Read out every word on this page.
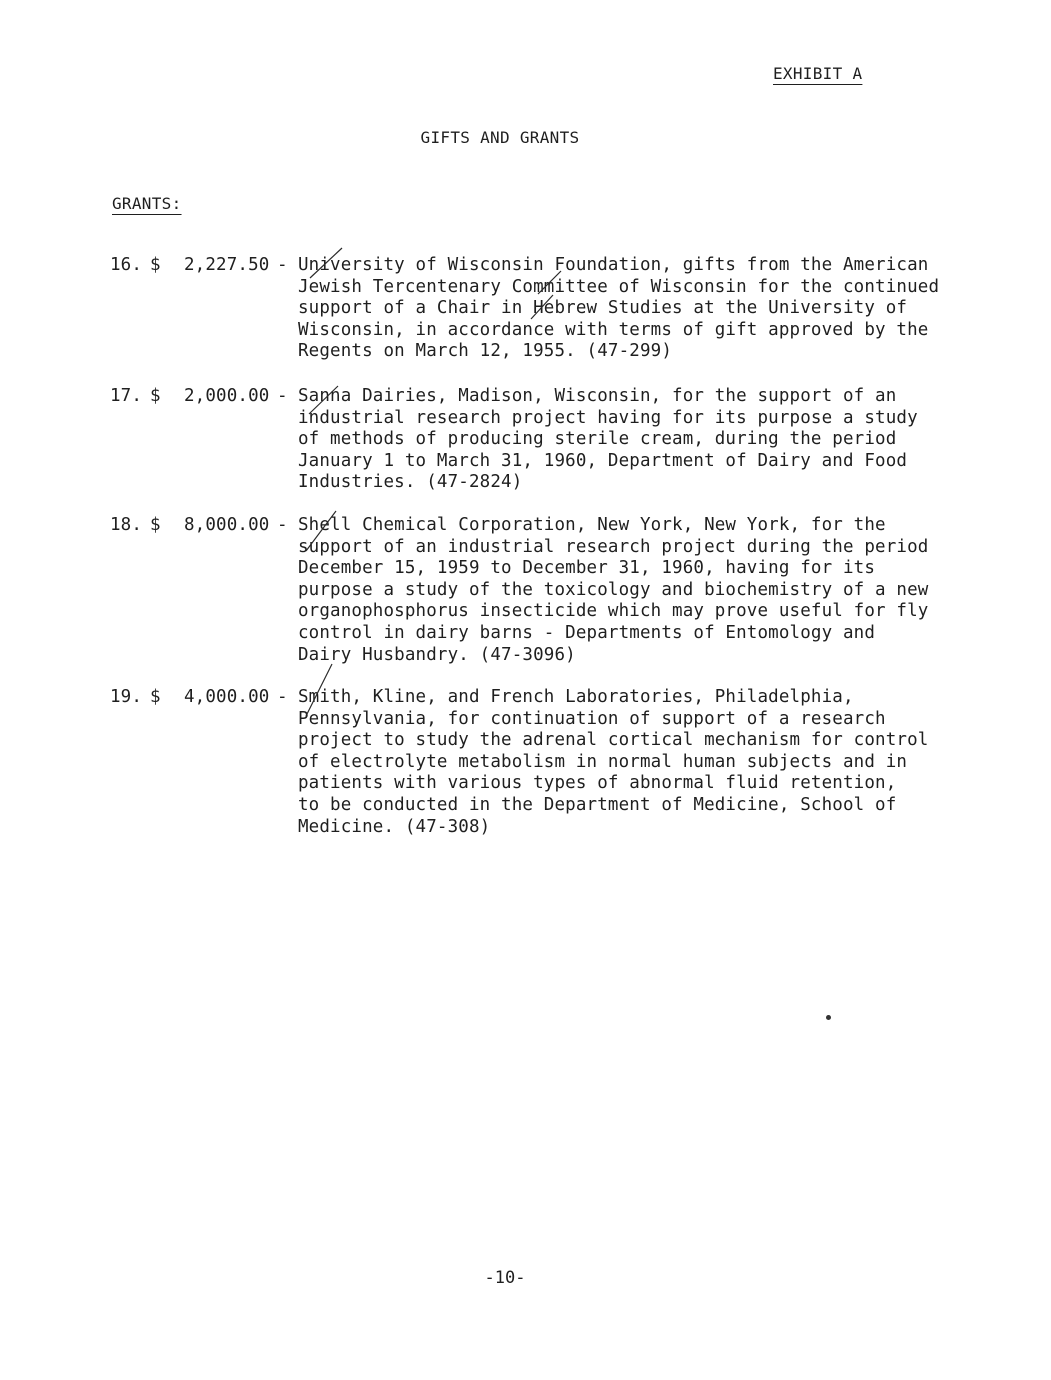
EXHIBIT A
GIFTS AND GRANTS
GRANTS:
16. $ 2,227.50 - University of Wisconsin Foundation, gifts from the American
Jewish Tercentenary Committee of Wisconsin for the continued
support of a Chair in Hebrew Studies at the University of
Wisconsin, in accordance with terms of gift approved by the
Regents on March 12, 1955. (47-299)
17. $ 2,000.00 - Sanna Dairies, Madison, Wisconsin, for the support of an
industrial research project having for its purpose a study
of methods of producing sterile cream, during the period
January 1 to March 31, 1960, Department of Dairy and Food
Industries. (47-2824)
18. $ 8,000.00 - Shell Chemical Corporation, New York, New York, for the
support of an industrial research project during the period
December 15, 1959 to December 31, 1960, having for its
purpose a study of the toxicology and biochemistry of a new
organophosphorus insecticide which may prove useful for fly
control in dairy barns - Departments of Entomology and
Dairy Husbandry. (47-3096)
19. $ 4,000.00 - Smith, Kline, and French Laboratories, Philadelphia,
Pennsylvania, for continuation of support of a research
project to study the adrenal cortical mechanism for control
of electrolyte metabolism in normal human subjects and in
patients with various types of abnormal fluid retention,
to be conducted in the Department of Medicine, School of
Medicine. (47-308)
-10-
